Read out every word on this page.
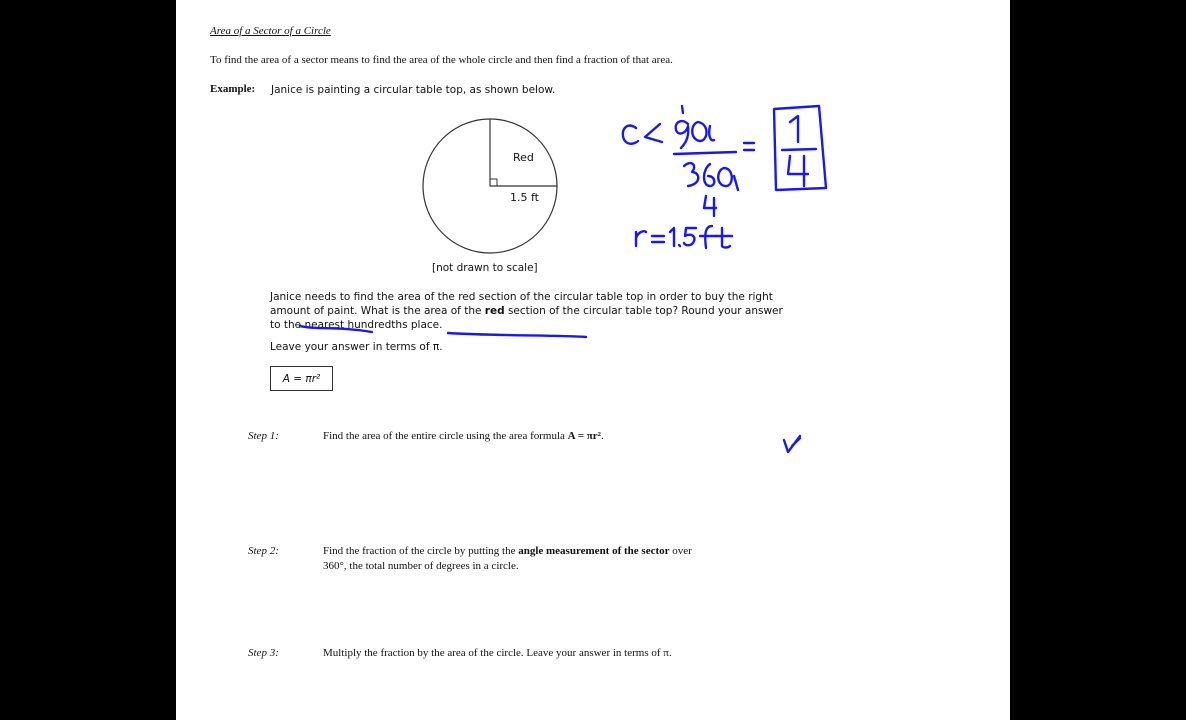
Area of a Sector of a Circle
To find the area of a sector means to find the area of the whole circle and then find a fraction of that area.
Example: Janice is painting a circular table top, as shown below.
Red
1.5 ft
[not drawn to scale]
Janice needs to find the area of the red section of the circular table top in order to buy the right amount of paint. What is the area of the red section of the circular table top? Round your answer to the nearest hundredths place.
Leave your answer in terms of π.
A = πr²
Step 1:	Find the area of the entire circle using the area formula A = πr².
Step 2:	Find the fraction of the circle by putting the angle measurement of the sector over
360°, the total number of degrees in a circle.
Step 3:	Multiply the fraction by the area of the circle. Leave your answer in terms of π.
